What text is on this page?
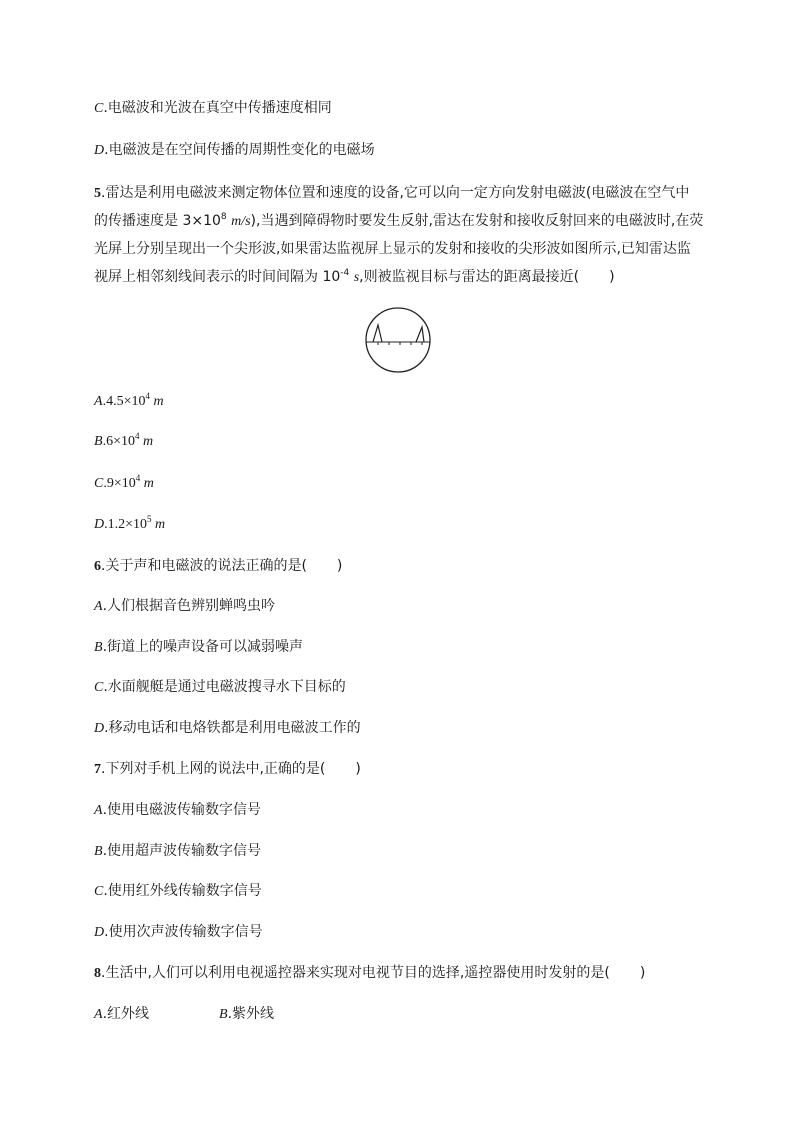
C.电磁波和光波在真空中传播速度相同
D.电磁波是在空间传播的周期性变化的电磁场
5.雷达是利用电磁波来测定物体位置和速度的设备,它可以向一定方向发射电磁波(电磁波在空气中
的传播速度是 $3\times 10^8$ m/s),当遇到障碍物时要发生反射,雷达在发射和接收反射回来的电磁波时,在荧
光屏上分别呈现出一个尖形波,如果雷达监视屏上显示的发射和接收的尖形波如图所示,已知雷达监
视屏上相邻刻线间表示的时间间隔为 $10^{-4}$ s,则被监视目标与雷达的距离最接近( )
$A.4.5\times 10^4$ m
$B.6\times 10^4$ m
$C.9\times 10^4$ m
$D.1.2\times 10^5$ m
6.关于声和电磁波的说法正确的是( )
A.人们根据音色辨别蝉鸣虫吟
B.街道上的噪声设备可以减弱噪声
C.水面舰艇是通过电磁波搜寻水下目标的
D.移动电话和电烙铁都是利用电磁波工作的
7.下列对手机上网的说法中,正确的是( )
A.使用电磁波传输数字信号
B.使用超声波传输数字信号
C.使用红外线传输数字信号
D.使用次声波传输数字信号
8.生活中,人们可以利用电视遥控器来实现对电视节目的选择,遥控器使用时发射的是( )
A.红外线	B.紫外线
